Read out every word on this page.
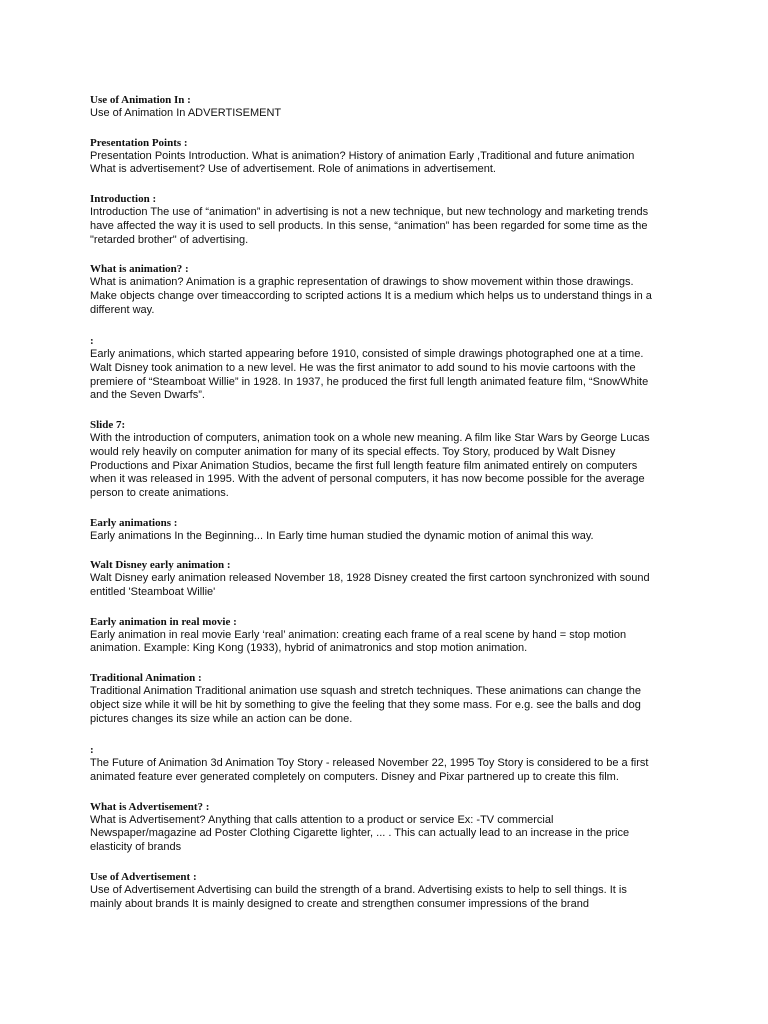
Use of Animation In :

Use of Animation In ADVERTISEMENT

Presentation Points :

Presentation Points Introduction. What is animation? History of animation Early ,Traditional and future animation
What is advertisement? Use of advertisement. Role of animations in advertisement.

Introduction :

Introduction The use of “animation” in advertising is not a new technique, but new technology and marketing trends
have affected the way it is used to sell products. In this sense, “animation” has been regarded for some time as the
"retarded brother" of advertising.

What is animation? :

What is animation? Animation is a graphic representation of drawings to show movement within those drawings.
Make objects change over timeaccording to scripted actions It is a medium which helps us to understand things in a
different way.

:

Early animations, which started appearing before 1910, consisted of simple drawings photographed one at a time.
Walt Disney took animation to a new level. He was the first animator to add sound to his movie cartoons with the
premiere of “Steamboat Willie” in 1928. In 1937, he produced the first full length animated feature film, “SnowWhite
and the Seven Dwarfs”.

Slide 7:

With the introduction of computers, animation took on a whole new meaning. A film like Star Wars by George Lucas
would rely heavily on computer animation for many of its special effects. Toy Story, produced by Walt Disney
Productions and Pixar Animation Studios, became the first full length feature film animated entirely on computers
when it was released in 1995. With the advent of personal computers, it has now become possible for the average
person to create animations.

Early animations :

Early animations In the Beginning... In Early time human studied the dynamic motion of animal this way.

Walt Disney early animation :

Walt Disney early animation released November 18, 1928 Disney created the first cartoon synchronized with sound
entitled 'Steamboat Willie'

Early animation in real movie :

Early animation in real movie Early ‘real’ animation: creating each frame of a real scene by hand = stop motion
animation. Example: King Kong (1933), hybrid of animatronics and stop motion animation.

Traditional Animation :

Traditional Animation Traditional animation use squash and stretch techniques. These animations can change the
object size while it will be hit by something to give the feeling that they some mass. For e.g. see the balls and dog
pictures changes its size while an action can be done.

:

The Future of Animation 3d Animation Toy Story - released November 22, 1995 Toy Story is considered to be a first
animated feature ever generated completely on computers. Disney and Pixar partnered up to create this film.

What is Advertisement? :

What is Advertisement? Anything that calls attention to a product or service Ex: -TV commercial
Newspaper/magazine ad Poster Clothing Cigarette lighter, ... . This can actually lead to an increase in the price
elasticity of brands

Use of Advertisement :

Use of Advertisement Advertising can build the strength of a brand. Advertising exists to help to sell things. It is
mainly about brands It is mainly designed to create and strengthen consumer impressions of the brand
